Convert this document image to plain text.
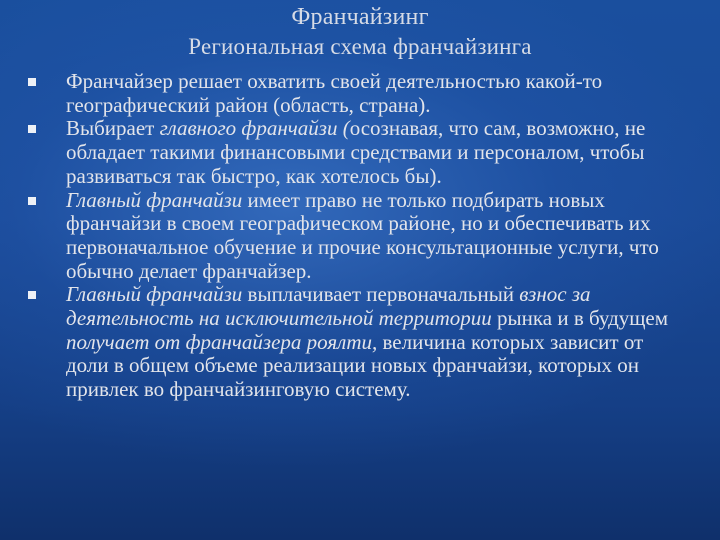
Франчайзинг
Региональная схема франчайзинга
Франчайзер решает охватить своей деятельностью какой-то географический район (область, страна).
Выбирает главного франчайзи (осознавая, что сам, возможно, не обладает такими финансовыми средствами и персоналом, чтобы развиваться так быстро, как хотелось бы).
Главный франчайзи имеет право не только подбирать новых франчайзи в своем географическом районе, но и обеспечивать их первоначальное обучение и прочие консультационные услуги, что обычно делает франчайзер.
Главный франчайзи выплачивает первоначальный взнос за деятельность на исключительной территории рынка и в будущем получает от франчайзера роялти, величина которых зависит от доли в общем объеме реализации новых франчайзи, которых он привлек во франчайзинговую систему.
